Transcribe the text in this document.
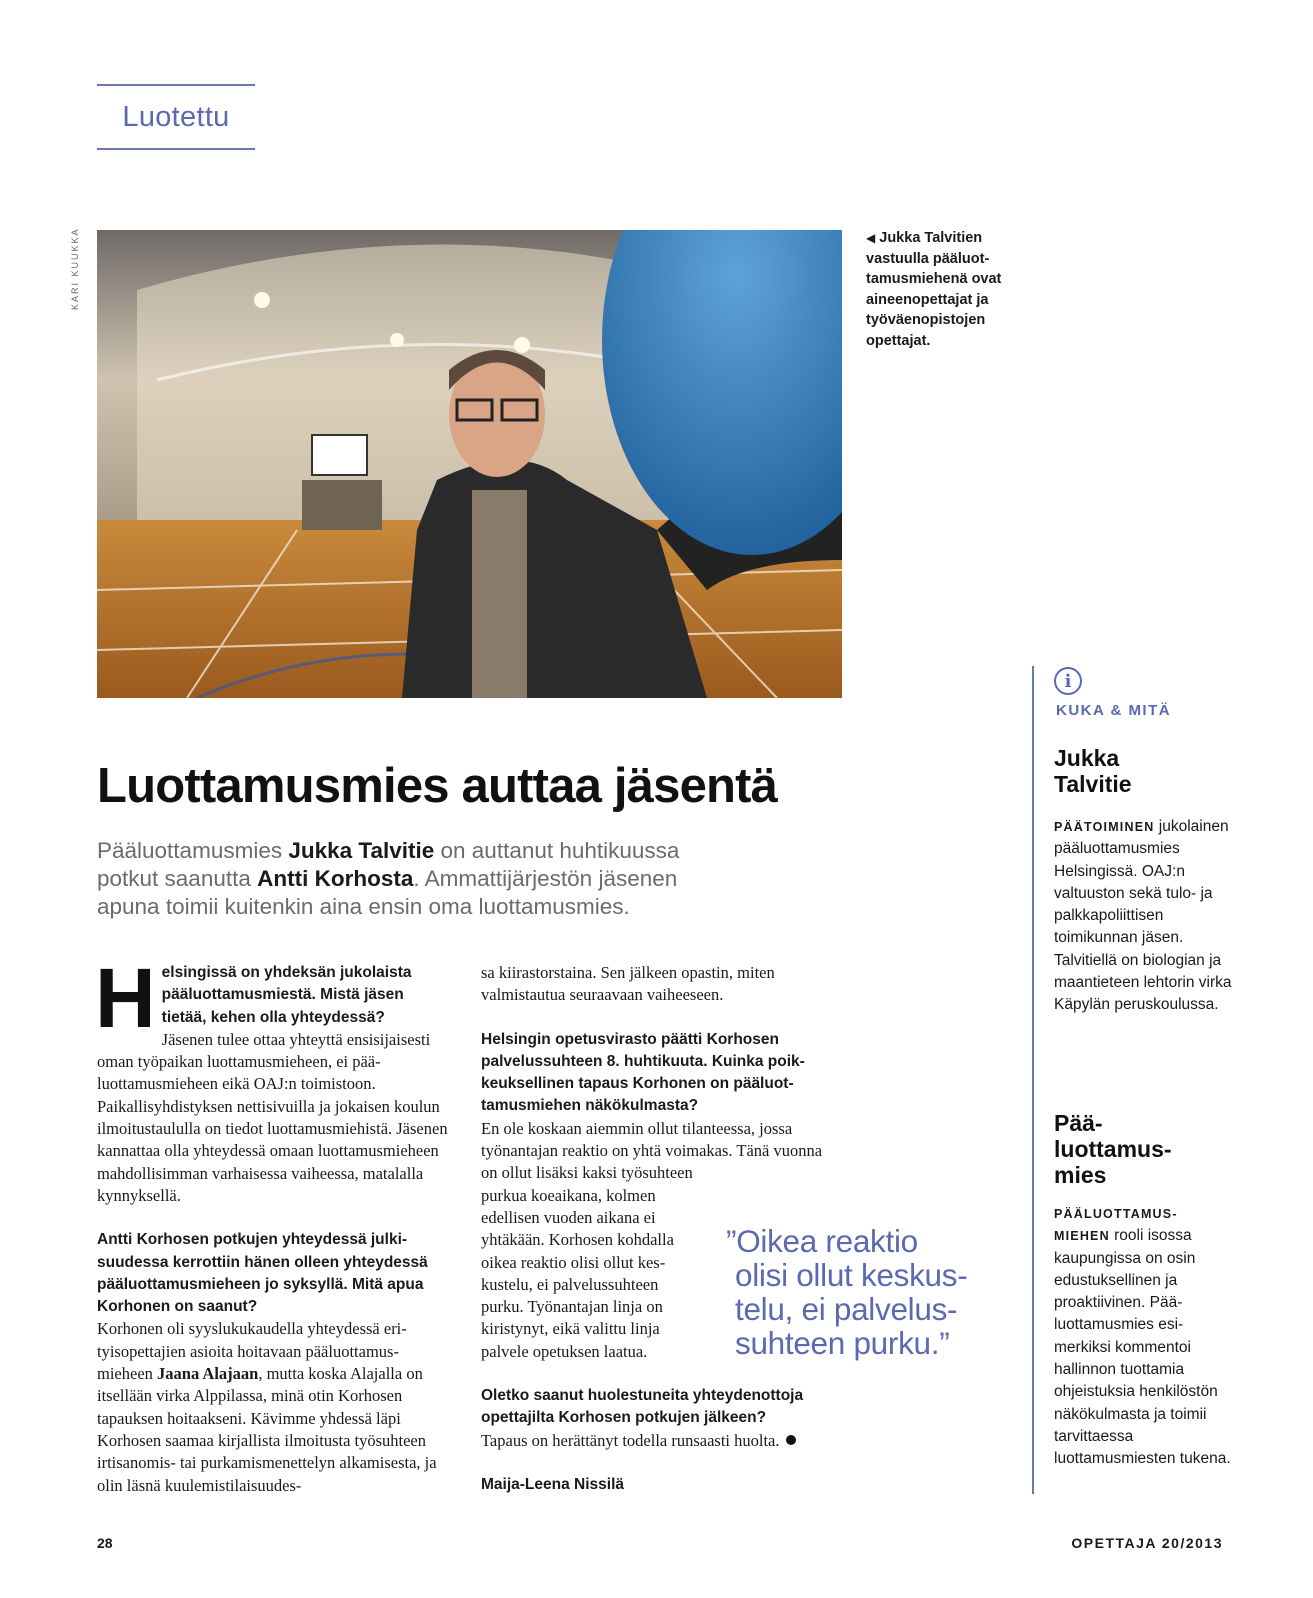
Luotettu
KARI KUUKKA	◀ Jukka Talvitien vastuulla pääluottamusmiehenä ovat aineenopettajat ja työväenopistojen opettajat.
Luottamusmies auttaa jäsentä

Pääluottamusmies Jukka Talvitie on auttanut huhtikuussa potkut saanutta Antti Korhosta. Ammattijärjestön jäsenen apuna toimii kuitenkin aina ensin oma luottamusmies.

H elsingissä on yhdeksän jukolaista pääluottamusmiestä. Mistä jäsen tietää, kehen olla yhteydessä?

Jäsenen tulee ottaa yhteyttä ensisijaisesti oman työpaikan luottamusmieheen, ei pääluottamusmieheen eikä OAJ:n toimistoon. Paikallisyhdistyksen nettisivuilla ja jokaisen koulun ilmoitustaululla on tiedot luottamusmiehistä. Jäsenen kannattaa olla yhteydessä omaan luottamusmieheen mahdollisimman varhaisessa vaiheessa, matalalla kynnyksellä.

Antti Korhosen potkujen yhteydessä julkisuudessa kerrottiin hänen olleen yhteydessä pääluottamusmieheen jo syksyllä. Mitä apua Korhonen on saanut?

Korhonen oli syyslukukaudella yhteydessä erityisopettajien asioita hoitavaan pääluottamusmieheen Jaana Alajaan, mutta koska Alajalla on itsellään virka Alppilassa, minä otin Korhosen tapauksen hoitaakseni. Kävimme yhdessä läpi Korhosen saamaa kirjallista ilmoitusta työsuhteen irtisanomis- tai purkamismenettelyn alkamisesta, ja olin läsnä kuulemistilaisuudes-

sa kiirastorstaina. Sen jälkeen opastin, miten valmistautua seuraavaan vaiheeseen.

Helsingin opetusvirasto päätti Korhosen palvelussuhteen 8. huhtikuuta. Kuinka poikkeuksellinen tapaus Korhonen on pääluottamusmiehen näkökulmasta?

En ole koskaan aiemmin ollut tilanteessa, jossa työnantajan reaktio on yhtä voimakas. Tänä vuonna on ollut lisäksi kaksi työsuhteen

purkua koeaikana, kolmen edellisen vuoden aikana ei yhtäkään. Korhosen kohdalla oikea reaktio olisi ollut keskustelu, ei palvelussuhteen purku. Työnantajan linja on kiristynyt, eikä valittu linja palvele opetuksen laatua.

Oletko saanut huolestuneita yhteydenottoja opettajilta Korhosen potkujen jälkeen?

Tapaus on herättänyt todella runsaasti huolta.

Maija-Leena Nissilä

”Oikea reaktio
olisi ollut keskus-
telu, ei palvelus-
suhteen purku.”
i
KUKA & MITÄ
Jukka
Talvitie
PÄÄTOIMINEN jukolainen pääluottamusmies Helsingissä. OAJ:n valtuuston sekä tulo- ja palkkapoliittisen toimikunnan jäsen. Talvitiellä on biologian ja maantieteen lehtorin virka Käpylän peruskoulussa.
Pää-
luottamus-
mies
PÄÄLUOTTAMUS-
MIEHEN rooli isossa kaupungissa on osin edustuksellinen ja proaktiivinen. Pääluottamusmies esimerkiksi kommentoi hallinnon tuottamia ohjeistuksia henkilöstön näkökulmasta ja toimii tarvittaessa luottamusmiesten tukena.
28	OPETTAJA 20/2013
